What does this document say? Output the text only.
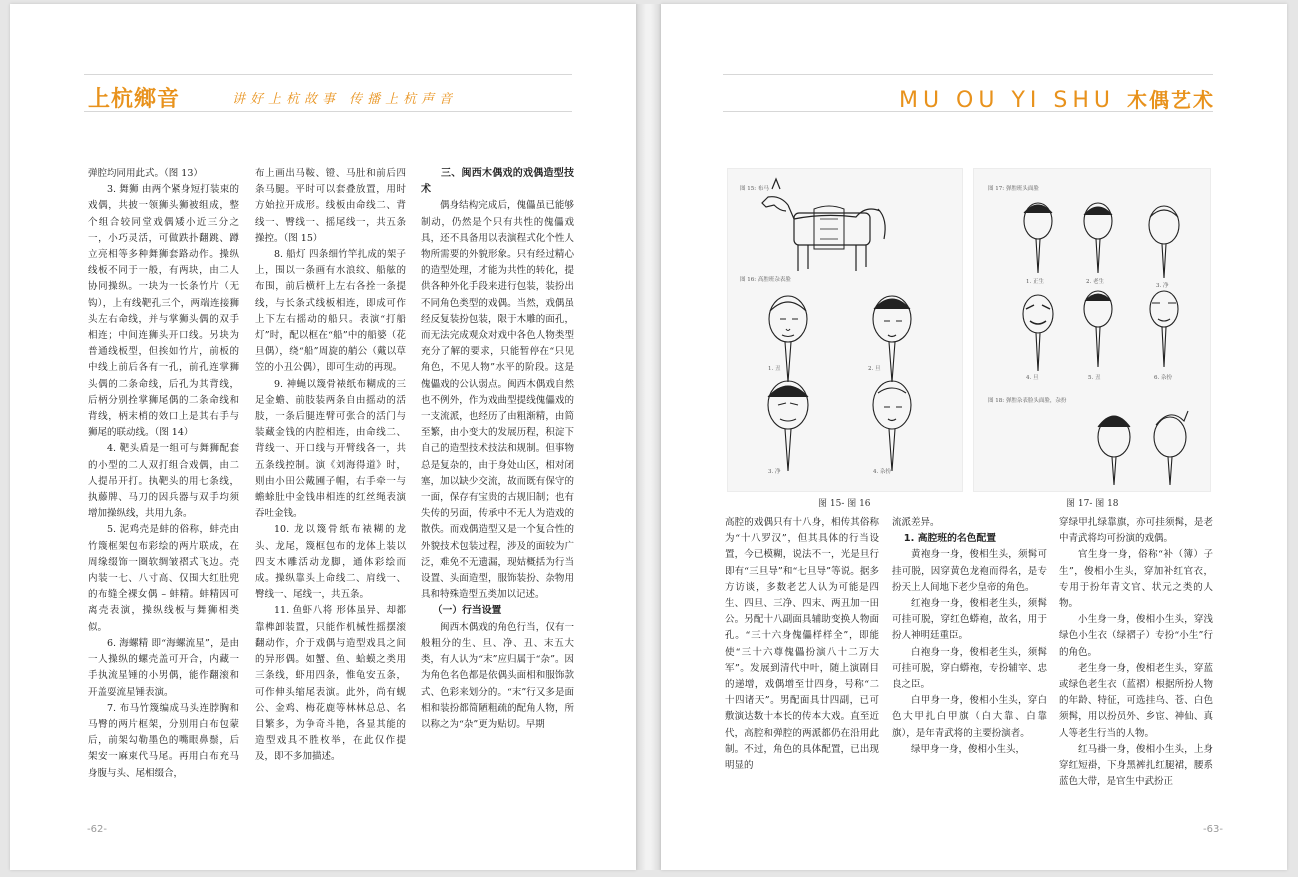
上杭鄉音	讲好上杭故事 传播上杭声音

弹腔均同用此式。（图 13）

3. 舞狮 由两个紧身短打装束的戏偶，共披一领狮头狮被组成，整个组合较同堂戏偶矮小近三分之一，小巧灵活，可做跌扑翻跳、蹲立亮相等多种舞狮套路动作。操纵线板不同于一般，有两块，由二人协同操纵。一块为一长条竹片（无钩），上有线靶孔三个，两端连接狮头左右命线，并与掌狮头偶的双手相连；中间连狮头开口线。另块为普通线板型，但挨如竹片，前板的中线上前后各有一孔，前孔连掌狮头偶的二条命线，后孔为其背线，后柄分别拴掌狮尾偶的二条命线和背线，柄末梢的效口上是其右手与狮尾的联动线。（图 14）

4. 靶头盾是一组可与舞狮配套的小型的二人双打组合戏偶，由二人提吊开打。执靶头的用七条线，执藤牌、马刀的因兵器与双手均须增加操纵线，共用九条。

5. 泥鸡壳是蚌的俗称，蚌壳由竹篾框架包布彩绘的两片联成，在周缘缀饰一圈软绸皱褶式飞边。壳内装一七、八寸高、仅围大红肚兜的布缝全裸女偶 – 蚌精。蚌精因可离壳表演，操纵线板与舞狮相类似。

6. 海螺精 即“海螺流星”，是由一人操纵的螺壳盖可开合，内藏一手执流星锤的小男偶，能作翻滚和开盖耍流星锤表演。

7. 布马竹篾编成马头连脖胸和马臀的两片框架，分别用白布包蒙后，前架勾勒墨色的嘴眼鼻鬃，后架安一麻束代马尾。再用白布充马身腹与头、尾相缀合，

布上画出马鞍、镫、马肚和前后四条马腿。平时可以套叠放置，用时方始拉开成形。线板由命线二、背线一、臀线一、摇尾线一，共五条操控。（图 15）

8. 船灯 四条细竹竿扎成的架子上，围以一条画有水浪纹、船舷的布围，前后横杆上左右各拴一条提线，与长条式线板相连，即成可作上下左右摇动的船只。表演“打船灯”时，配以框在“船”中的船婆（花旦偶），绕“船”周旋的艄公（戴以草笠的小丑公偶），即可生动的再现。

9. 神蝇以篾骨裱纸布糊成的三足金蟾、前肢装两条自由摇动的活肢，一条后腿连臂可张合的活门与装藏金钱的内腔相连，由命线二、背线一、开口线与开臂线各一，共五条线控制。演《刘海得道》时，则由小田公戴圃子帽，右手牵一与蟾蜍肚中金钱串相连的红丝绳表演吞吐金钱。

10. 龙以篾骨纸布裱糊的龙头、龙尾，篾框包布的龙体上装以四支木雕活动龙脚，通体彩绘而成。操纵靠头上命线二、肩线一、臀线一、尾线一，共五条。

11. 鱼虾八将 形体虽异、却都靠榫卸装置，只能作机械性摇摆滚翻动作，介于戏偶与造型戏具之间的异形偶。如蟹、鱼、蛤蟆之类用三条线，虾用四条，惟龟安五条，可作伸头缩尾表演。此外，尚有蚬公、金鸡、梅花鹿等林林总总、名目繁多，为争奇斗艳，各显其能的造型戏具不胜枚举，在此仅作提及，即不多加描述。

三、闽西木偶戏的戏偶造型技术

偶身结构完成后，傀儡虽已能够制动，仍然是个只有共性的傀儡戏具，还不具备用以表演程式化个性人物所需要的外貌形象。只有经过精心的造型处理，才能为共性的转化，提供各种外化手段来进行包装，装扮出不同角色类型的戏偶。当然，戏偶虽经反复装扮包装，限于木雕的面孔，而无法完成观众对戏中各色人物类型充分了解的要求，只能暂停在“只见角色，不见人物”水平的阶段。这是傀儡戏的公认弱点。闽西木偶戏自然也不例外，作为戏曲型提线傀儡戏的一支流派，也经历了由粗渐精，由简至繁，由小变大的发展历程，积淀下自己的造型技术技法和规制。但事物总是复杂的，由于身处山区，相对闭塞，加以缺少交流，故而既有保守的一面，保存有宝贵的古规旧制；也有失传的另面，传承中不无人为造戏的散佚。而戏偶造型又是一个复合性的外貌技术包装过程，涉及的面较为广泛，难免不无遗漏，现姑概括为行当设置、头面造型，服饰装扮、杂物用具和特殊造型五类加以记述。

（一）行当设置

闽西木偶戏的角色行当，仅有一般粗分的生、旦、净、丑、末五大类，有人认为“末”应归属于“杂”。因为角色名色都是依偶头面相和服饰款式、色彩来划分的。“末”行又多是面相和装扮都简陋粗疏的配角人物，所以称之为“杂”更为贴切。早期

-62-
MU OU YI SHU 木偶艺术
图 15: 布马
图 16: 高腔班杂表脸
1. 丑	2. 旦
3. 净	4. 杂扮
图 15- 图 16
图 17: 弹腔班头面脸
图 18: 弹腔杂表脸头面脸，杂扮
1. 正生	2. 老生
3. 净
4. 旦	5. 丑	6. 杂扮
图 17- 图 18

高腔的戏偶只有十八身，相传其俗称为“十八罗汉”，但其具体的行当设置，今已模糊，说法不一，光是旦行即有“三旦导”和“七旦导”等说。据多方访谈，多数老艺人认为可能是四生、四旦、三净、四末、两丑加一田公。另配十八副面具辅助变换人物面孔。“三十六身傀儡样样全”，即能使“三十六尊傀儡扮演八十二万大军”。发展到清代中叶，随上演剧目的递增，戏偶增至廿四身，号称“二十四诸天”。男配面具廿四副，已可敷演达数十本长的传本大戏。直至近代，高腔和弹腔的两派都仍在沿用此制。不过，角色的具体配置，已出现明显的

流派差异。

1. 高腔班的名色配置

黄袍身一身，俊相生头，须髯可挂可脱，因穿黄色龙袍而得名，是专扮天上人间地下老少皇帝的角色。

红袍身一身，俊相老生头，须髯可挂可脱，穿红色蟒袍，故名，用于扮人神明廷重臣。

白袍身一身，俊相老生头，须髯可挂可脱，穿白蟒袍，专扮辅宰、忠良之臣。

白甲身一身，俊相小生头，穿白色大甲扎白甲旗（白大靠、白靠旗），是年青武将的主要扮演者。

绿甲身一身，俊相小生头，

穿绿甲扎绿靠旗，亦可挂须髯，是老中青武将均可扮演的戏偶。

官生身一身，俗称“补（簿）子生”，俊相小生头，穿加补红官衣，专用于扮年青文官、状元之类的人物。

小生身一身，俊相小生头，穿浅绿色小生衣（绿褶子）专扮“小生”行的角色。

老生身一身，俊相老生头，穿蓝或绿色老生衣（蓝褶）根据所扮人物的年龄、特征，可选挂乌、苍、白色须髯，用以扮员外、乡宦、神仙、真人等老生行当的人物。

红马褂一身，俊相小生头，上身穿红短褂，下身黑裤扎红腿裙，腰系蓝色大带，是官生中武扮正

-63-
